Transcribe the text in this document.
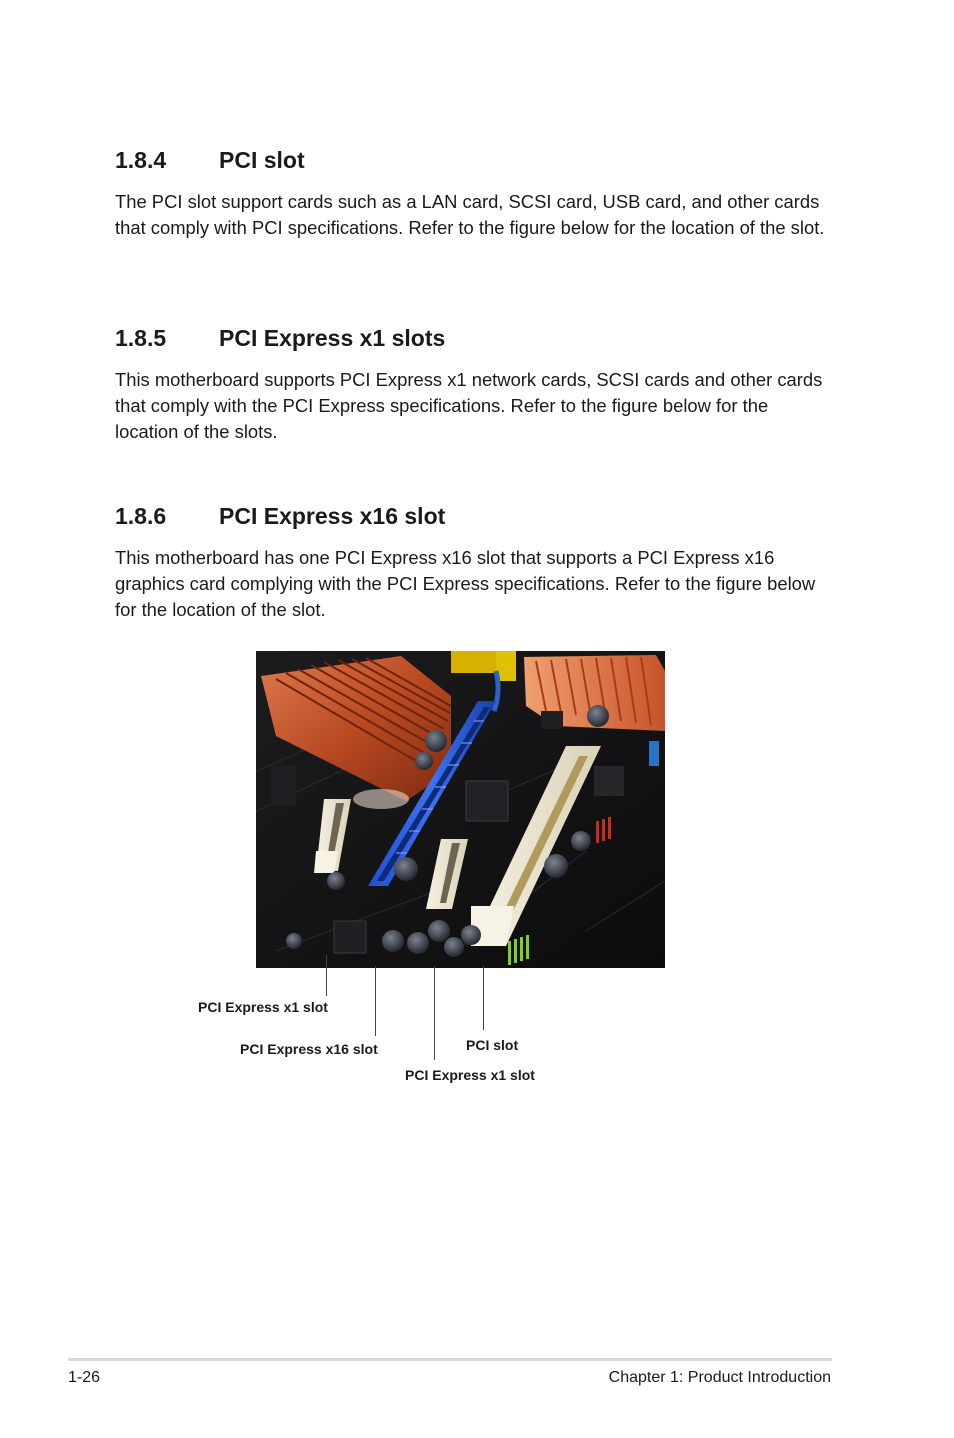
1.8.4 PCI slot

The PCI slot support cards such as a LAN card, SCSI card, USB card, and other cards that comply with PCI specifications. Refer to the figure below for the location of the slot.

1.8.5 PCI Express x1 slots

This motherboard supports PCI Express x1 network cards, SCSI cards and other cards that comply with the PCI Express specifications. Refer to the figure below for the location of the slots.

1.8.6 PCI Express x16 slot

This motherboard has one PCI Express x16 slot that supports a PCI Express x16 graphics card complying with the PCI Express specifications. Refer to the figure below for the location of the slot.

PCI Express x1 slot
PCI Express x16 slot
PCI Express x1 slot
PCI slot
1-26	Chapter 1: Product Introduction
